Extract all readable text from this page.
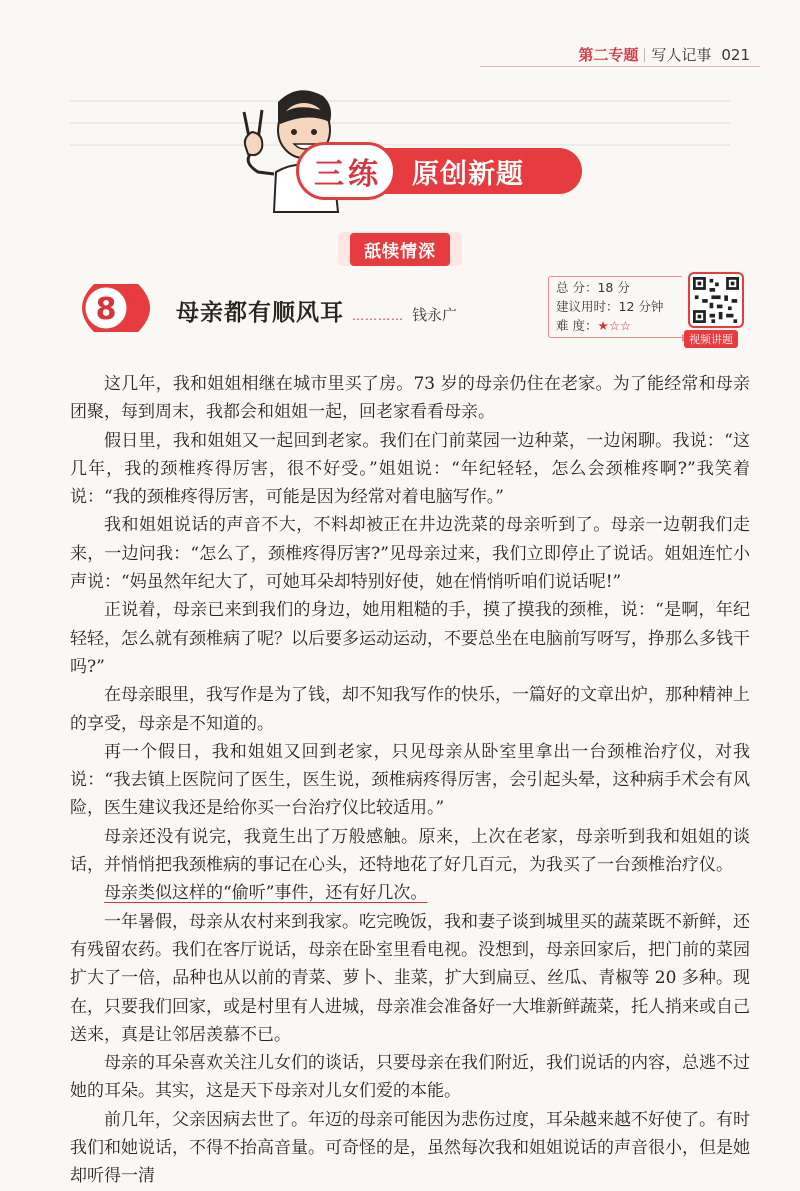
第二专题 写人记事 021
三 练 原创新题
舐犊情深
8	母亲都有顺风耳 ………… 钱永广
总 分：18 分
建议用时：12 分钟
难 度：★☆☆
视频讲题

这几年，我和姐姐相继在城市里买了房。73 岁的母亲仍住在老家。为了能经常和母亲团聚，每到周末，我都会和姐姐一起，回老家看看母亲。

假日里，我和姐姐又一起回到老家。我们在门前菜园一边种菜，一边闲聊。我说：“这几年，我的颈椎疼得厉害，很不好受。”姐姐说：“年纪轻轻，怎么会颈椎疼啊?”我笑着说：“我的颈椎疼得厉害，可能是因为经常对着电脑写作。”

我和姐姐说话的声音不大，不料却被正在井边洗菜的母亲听到了。母亲一边朝我们走来，一边问我：“怎么了，颈椎疼得厉害?”见母亲过来，我们立即停止了说话。姐姐连忙小声说：“妈虽然年纪大了，可她耳朵却特别好使，她在悄悄听咱们说话呢!”

正说着，母亲已来到我们的身边，她用粗糙的手，摸了摸我的颈椎，说：“是啊，年纪轻轻，怎么就有颈椎病了呢？以后要多运动运动，不要总坐在电脑前写呀写，挣那么多钱干吗?”

在母亲眼里，我写作是为了钱，却不知我写作的快乐，一篇好的文章出炉，那种精神上的享受，母亲是不知道的。

再一个假日，我和姐姐又回到老家，只见母亲从卧室里拿出一台颈椎治疗仪，对我说：“我去镇上医院问了医生，医生说，颈椎病疼得厉害，会引起头晕，这种病手术会有风险，医生建议我还是给你买一台治疗仪比较适用。”

母亲还没有说完，我竟生出了万般感触。原来，上次在老家，母亲听到我和姐姐的谈话，并悄悄把我颈椎病的事记在心头，还特地花了好几百元，为我买了一台颈椎治疗仪。

母亲类似这样的“偷听”事件，还有好几次。

一年暑假，母亲从农村来到我家。吃完晚饭，我和妻子谈到城里买的蔬菜既不新鲜，还有残留农药。我们在客厅说话，母亲在卧室里看电视。没想到，母亲回家后，把门前的菜园扩大了一倍，品种也从以前的青菜、萝卜、韭菜，扩大到扁豆、丝瓜、青椒等 20 多种。现在，只要我们回家，或是村里有人进城，母亲准会准备好一大堆新鲜蔬菜，托人捎来或自己送来，真是让邻居羡慕不已。

母亲的耳朵喜欢关注儿女们的谈话，只要母亲在我们附近，我们说话的内容，总逃不过她的耳朵。其实，这是天下母亲对儿女们爱的本能。

前几年，父亲因病去世了。年迈的母亲可能因为悲伤过度，耳朵越来越不好使了。有时我们和她说话，不得不抬高音量。可奇怪的是，虽然每次我和姐姐说话的声音很小，但是她却听得一清
